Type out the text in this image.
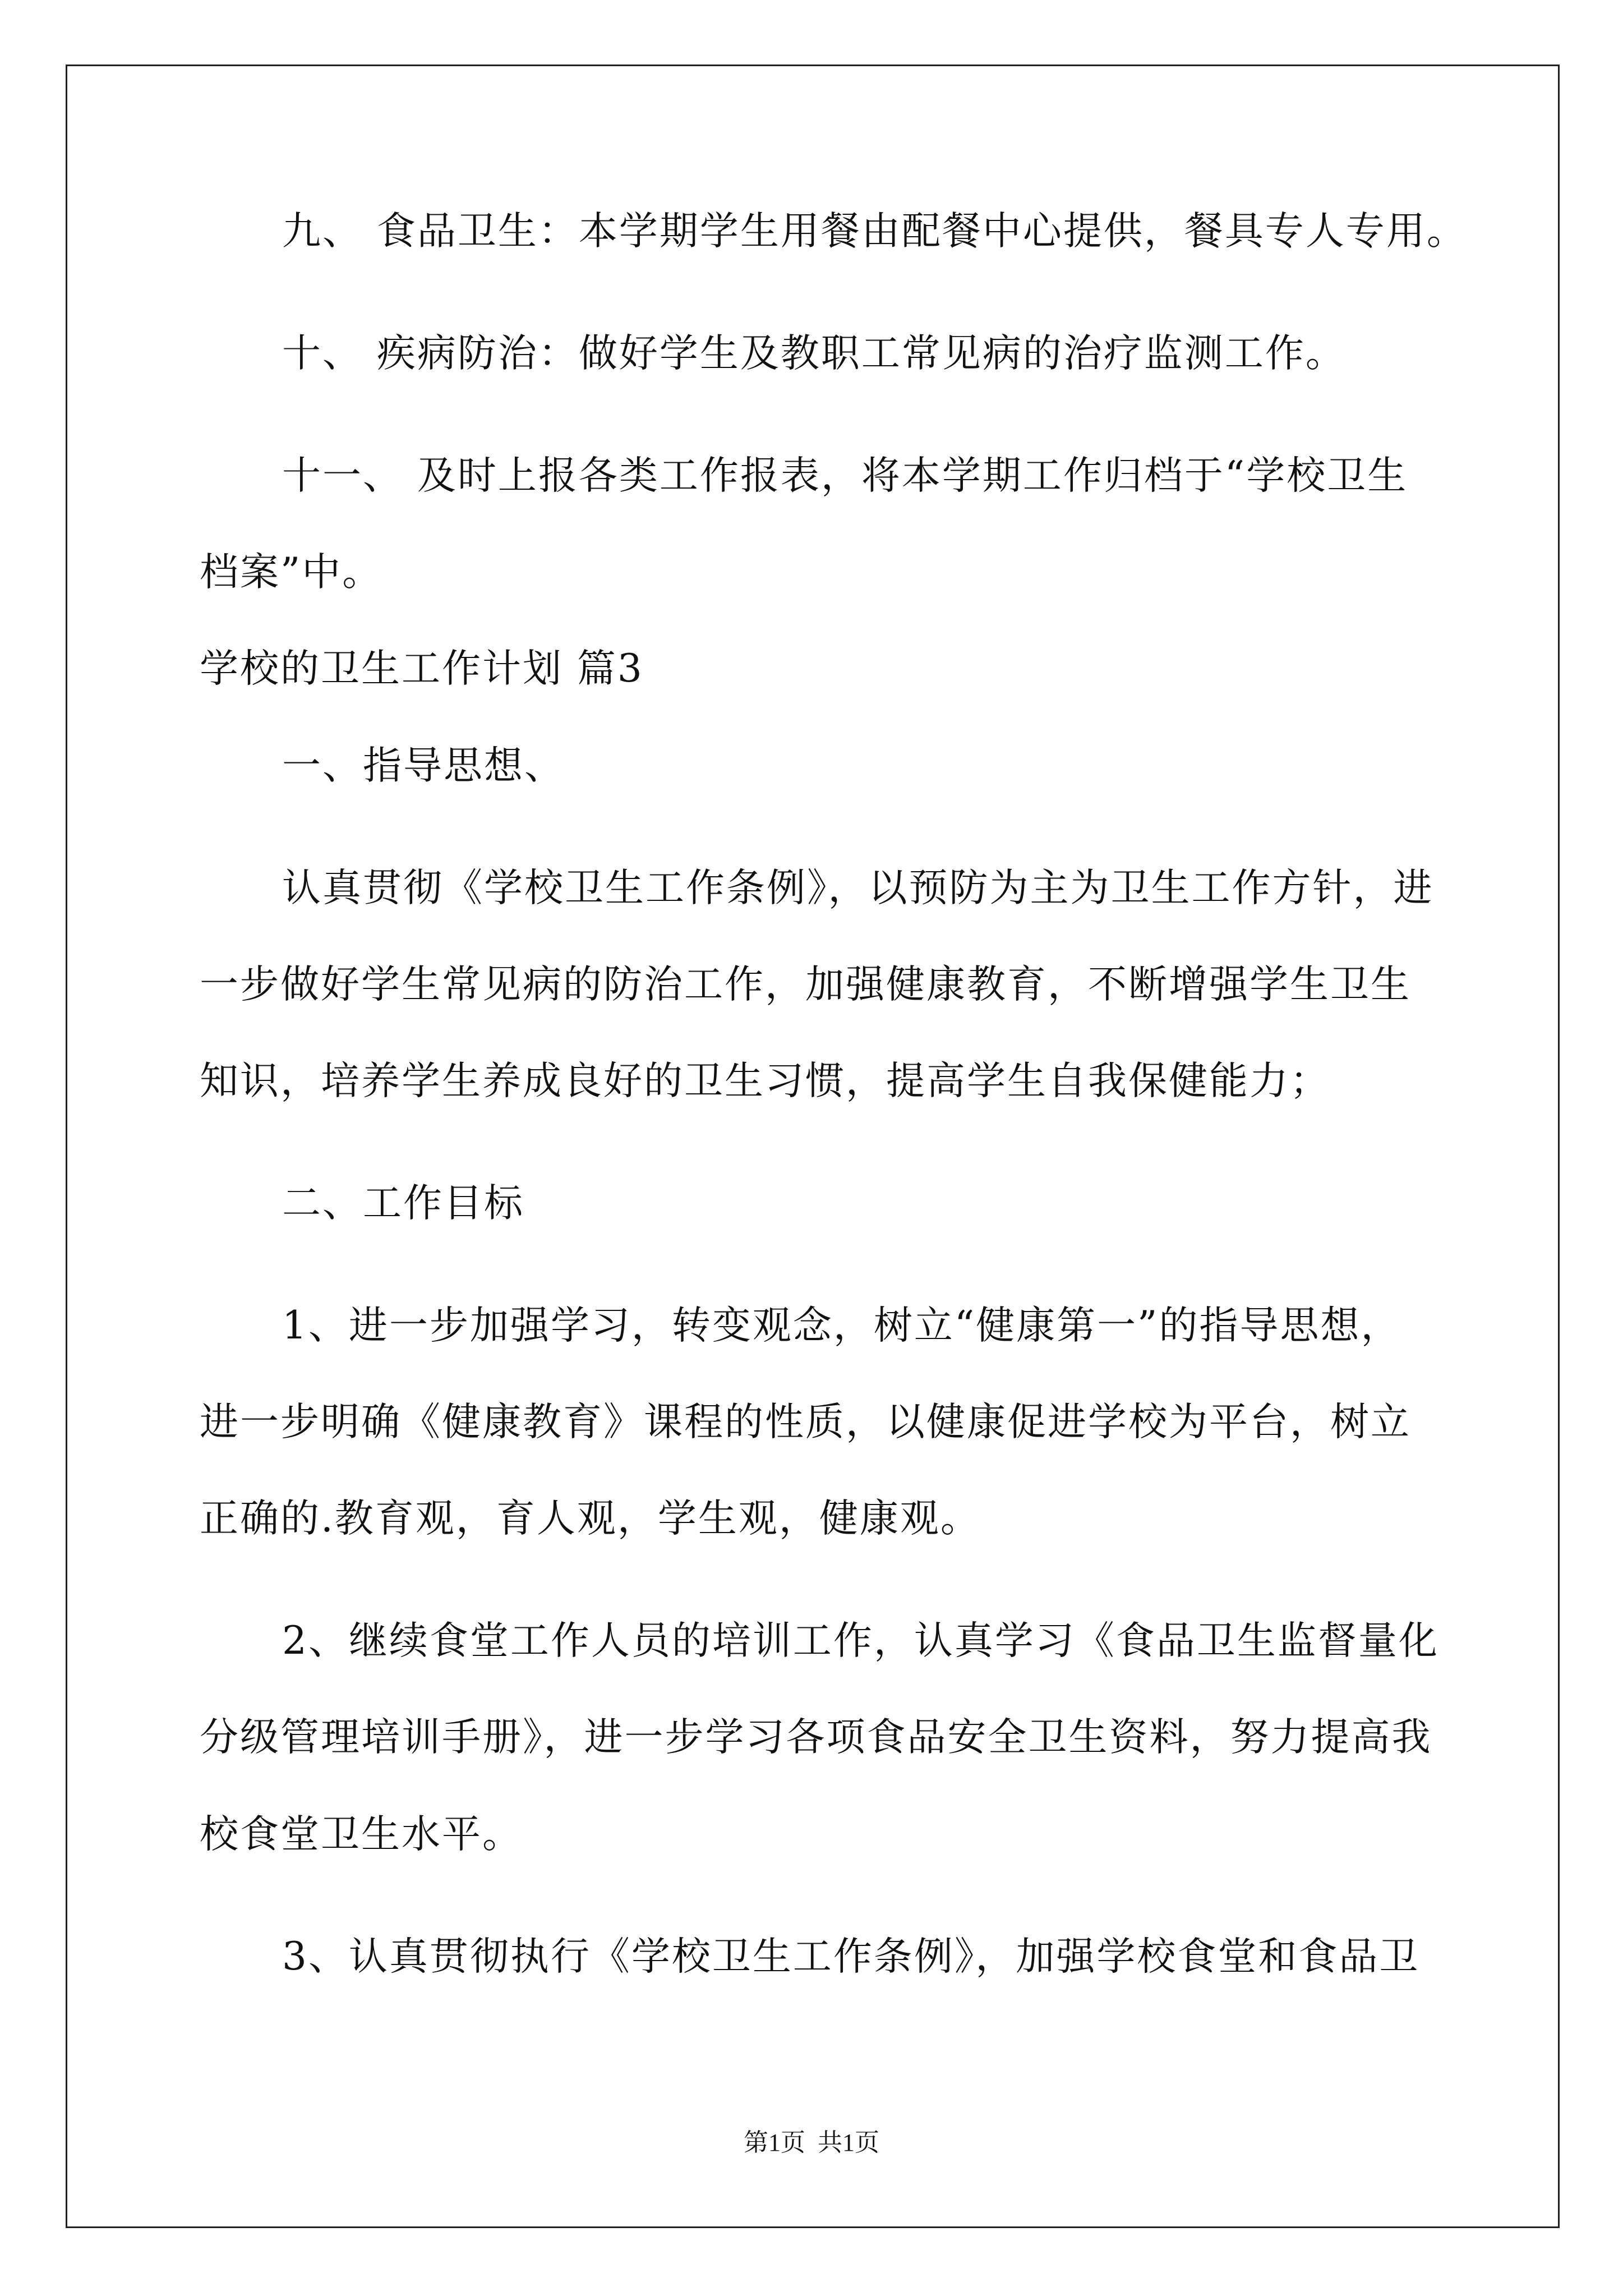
九、 食品卫生：本学期学生用餐由配餐中心提供，餐具专人专用。

十、 疾病防治：做好学生及教职工常见病的治疗监测工作。

十一、 及时上报各类工作报表，将本学期工作归档于“学校卫生

档案”中。

学校的卫生工作计划 篇3

一、指导思想、

认真贯彻《学校卫生工作条例》，以预防为主为卫生工作方针，进

一步做好学生常见病的防治工作，加强健康教育，不断增强学生卫生

知识，培养学生养成良好的卫生习惯，提高学生自我保健能力；

二、工作目标

1、进一步加强学习，转变观念，树立“健康第一”的指导思想，

进一步明确《健康教育》课程的性质，以健康促进学校为平台，树立

正确的.教育观，育人观，学生观，健康观。

2、继续食堂工作人员的培训工作，认真学习《食品卫生监督量化

分级管理培训手册》，进一步学习各项食品安全卫生资料，努力提高我

校食堂卫生水平。

3、认真贯彻执行《学校卫生工作条例》，加强学校食堂和食品卫

第1页  共1页
